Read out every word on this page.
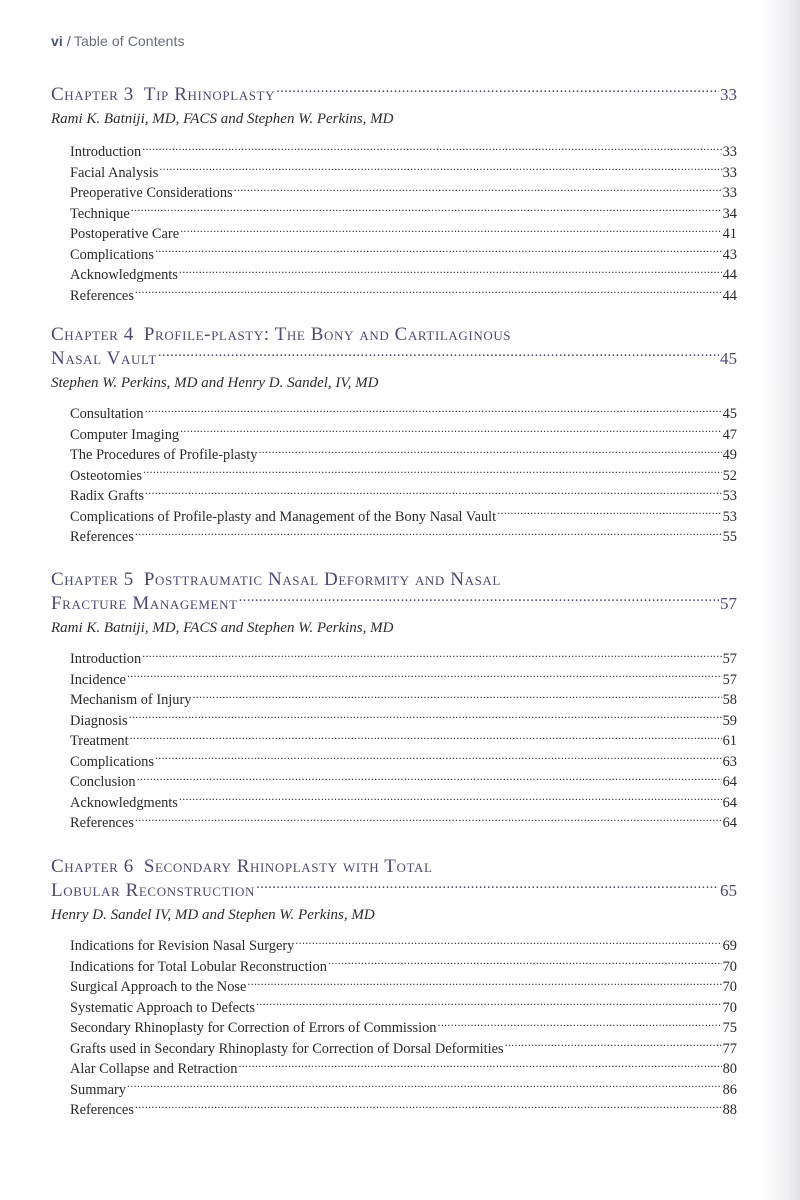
vi / Table of Contents
Chapter 3 Tip Rhinoplasty .....	33
Rami K. Batniji, MD, FACS and Stephen W. Perkins, MD
Introduction .....	33
Facial Analysis .....	33
Preoperative Considerations .....	33
Technique .....	34
Postoperative Care .....	41
Complications .....	43
Acknowledgments .....	44
References .....	44
Chapter 4 Profile-plasty: The Bony and Cartilaginous
Nasal Vault .....	45
Stephen W. Perkins, MD and Henry D. Sandel, IV, MD
Consultation .....	45
Computer Imaging .....	47
The Procedures of Profile-plasty .....	49
Osteotomies .....	52
Radix Grafts .....	53
Complications of Profile-plasty and Management of the Bony Nasal Vault .....	53
References .....	55
Chapter 5 Posttraumatic Nasal Deformity and Nasal
Fracture Management .....	57
Rami K. Batniji, MD, FACS and Stephen W. Perkins, MD
Introduction .....	57
Incidence .....	57
Mechanism of Injury .....	58
Diagnosis .....	59
Treatment .....	61
Complications .....	63
Conclusion .....	64
Acknowledgments .....	64
References .....	64
Chapter 6 Secondary Rhinoplasty with Total
Lobular Reconstruction .....	65
Henry D. Sandel IV, MD and Stephen W. Perkins, MD
Indications for Revision Nasal Surgery .....	69
Indications for Total Lobular Reconstruction .....	70
Surgical Approach to the Nose .....	70
Systematic Approach to Defects .....	70
Secondary Rhinoplasty for Correction of Errors of Commission .....	75
Grafts used in Secondary Rhinoplasty for Correction of Dorsal Deformities .....	77
Alar Collapse and Retraction .....	80
Summary .....	86
References .....	88
